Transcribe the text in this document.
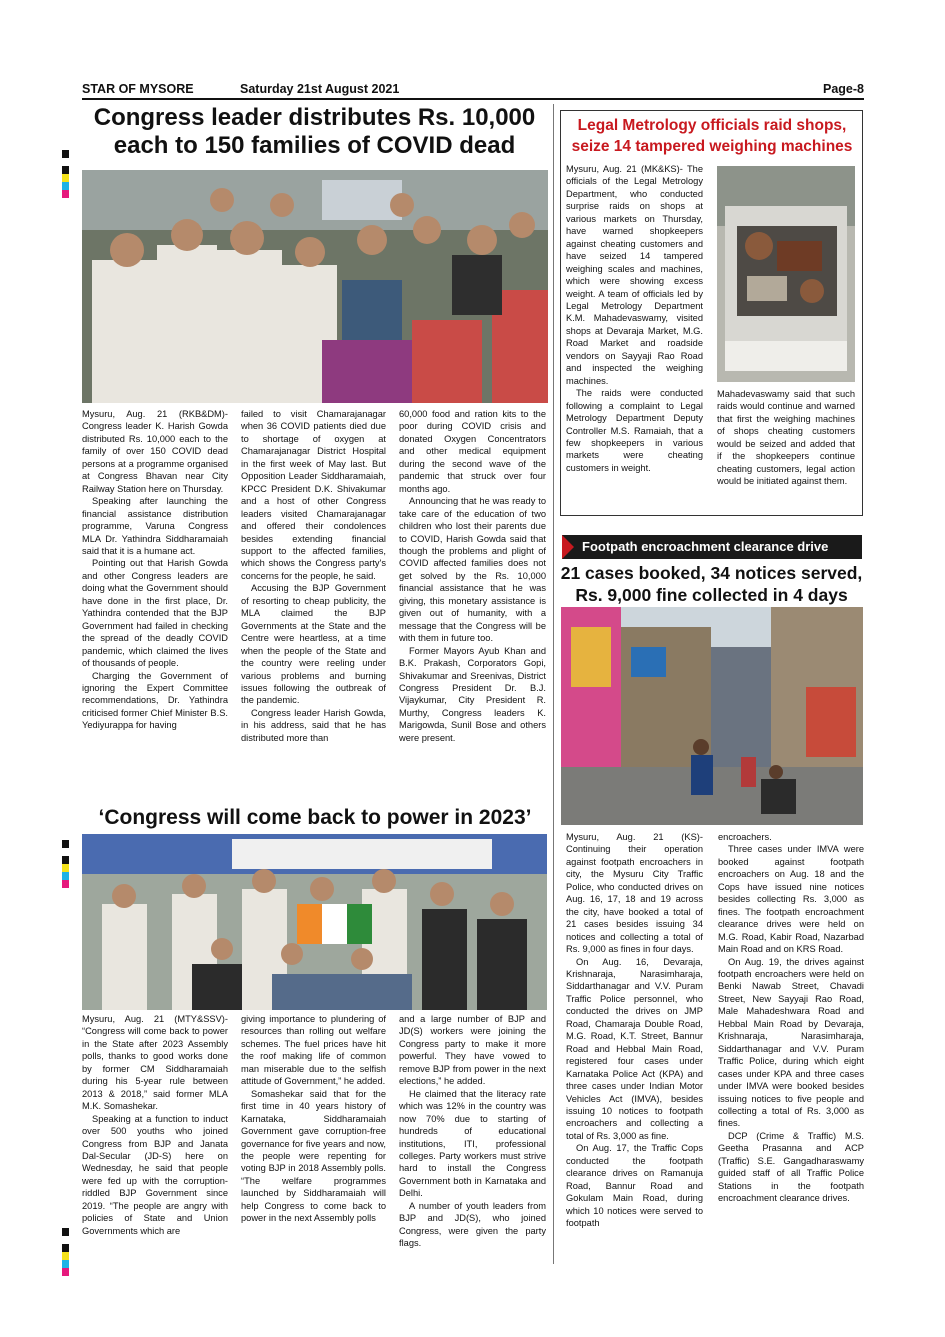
STAR OF MYSORE	Saturday 21st August 2021	Page-8
Congress leader distributes Rs. 10,000
each to 150 families of COVID dead

Mysuru, Aug. 21 (RKB&DM)- Congress leader K. Harish Gowda distributed Rs. 10,000 each to the family of over 150 COVID dead persons at a programme organised at Congress Bhavan near City Railway Station here on Thursday.

Speaking after launching the financial assistance distribution programme, Varuna Congress MLA Dr. Yathindra Siddharamaiah said that it is a humane act.

Pointing out that Harish Gowda and other Congress leaders are doing what the Government should have done in the first place, Dr. Yathindra contended that the BJP Government had failed in checking the spread of the deadly COVID pandemic, which claimed the lives of thousands of people.

Charging the Government of ignoring the Expert Committee recommendations, Dr. Yathindra criticised former Chief Minister B.S. Yediyurappa for having

failed to visit Chamarajanagar when 36 COVID patients died due to shortage of oxygen at Chamarajanagar District Hospital in the first week of May last. But Opposition Leader Siddharamaiah, KPCC President D.K. Shivakumar and a host of other Congress leaders visited Chamarajanagar and offered their condolences besides extending financial support to the affected families, which shows the Congress party's concerns for the people, he said.

Accusing the BJP Government of resorting to cheap publicity, the MLA claimed the BJP Governments at the State and the Centre were heartless, at a time when the people of the State and the country were reeling under various problems and burning issues following the outbreak of the pandemic.

Congress leader Harish Gowda, in his address, said that he has distributed more than

60,000 food and ration kits to the poor during COVID crisis and donated Oxygen Concentrators and other medical equipment during the second wave of the pandemic that struck over four months ago.

Announcing that he was ready to take care of the education of two children who lost their parents due to COVID, Harish Gowda said that though the problems and plight of COVID affected families does not get solved by the Rs. 10,000 financial assistance that he was giving, this monetary assistance is given out of humanity, with a message that the Congress will be with them in future too.

Former Mayors Ayub Khan and B.K. Prakash, Corporators Gopi, Shivakumar and Sreenivas, District Congress President Dr. B.J. Vijaykumar, City President R. Murthy, Congress leaders K. Marigowda, Sunil Bose and others were present.

Legal Metrology officials raid shops,
seize 14 tampered weighing machines

Mysuru, Aug. 21 (MK&KS)- The officials of the Legal Metrology Department, who conducted surprise raids on shops at various markets on Thursday, have warned shopkeepers against cheating customers and have seized 14 tampered weighing scales and machines, which were showing excess weight. A team of officials led by Legal Metrology Department K.M. Mahadevaswamy, visited shops at Devaraja Market, M.G. Road Market and roadside vendors on Sayyaji Rao Road and inspected the weighing machines.

The raids were conducted following a complaint to Legal Metrology Department Deputy Controller M.S. Ramaiah, that a few shopkeepers in various markets were cheating customers in weight.

Mahadevaswamy said that such raids would continue and warned that first the weighing machines of shops cheating customers would be seized and added that if the shopkeepers continue cheating customers, legal action would be initiated against them.

Footpath encroachment clearance drive
21 cases booked, 34 notices served,
Rs. 9,000 fine collected in 4 days

Mysuru, Aug. 21 (KS)- Continuing their operation against footpath encroachers in city, the Mysuru City Traffic Police, who conducted drives on Aug. 16, 17, 18 and 19 across the city, have booked a total of 21 cases besides issuing 34 notices and collecting a total of Rs. 9,000 as fines in four days.

On Aug. 16, Devaraja, Krishnaraja, Narasimharaja, Siddarthanagar and V.V. Puram Traffic Police personnel, who conducted the drives on JMP Road, Chamaraja Double Road, M.G. Road, K.T. Street, Bannur Road and Hebbal Main Road, registered four cases under Karnataka Police Act (KPA) and three cases under Indian Motor Vehicles Act (IMVA), besides issuing 10 notices to footpath encroachers and collecting a total of Rs. 3,000 as fine.

On Aug. 17, the Traffic Cops conducted the footpath clearance drives on Ramanuja Road, Bannur Road and Gokulam Main Road, during which 10 notices were served to footpath

encroachers.

Three cases under IMVA were booked against footpath encroachers on Aug. 18 and the Cops have issued nine notices besides collecting Rs. 3,000 as fines. The footpath encroachment clearance drives were held on M.G. Road, Kabir Road, Nazarbad Main Road and on KRS Road.

On Aug. 19, the drives against footpath encroachers were held on Benki Nawab Street, Chavadi Street, New Sayyaji Rao Road, Male Mahadeshwara Road and Hebbal Main Road by Devaraja, Krishnaraja, Narasimharaja, Siddarthanagar and V.V. Puram Traffic Police, during which eight cases under KPA and three cases under IMVA were booked besides issuing notices to five people and collecting a total of Rs. 3,000 as fines.

DCP (Crime & Traffic) M.S. Geetha Prasanna and ACP (Traffic) S.E. Gangadharaswamy guided staff of all Traffic Police Stations in the footpath encroachment clearance drives.

‘Congress will come back to power in 2023’

Mysuru, Aug. 21 (MTY&SSV)- “Congress will come back to power in the State after 2023 Assembly polls, thanks to good works done by former CM Siddharamaiah during his 5-year rule between 2013 & 2018,” said former MLA M.K. Somashekar.

Speaking at a function to induct over 500 youths who joined Congress from BJP and Janata Dal-Secular (JD-S) here on Wednesday, he said that people were fed up with the corruption-riddled BJP Government since 2019. “The people are angry with policies of State and Union Governments which are

giving importance to plundering of resources than rolling out welfare schemes. The fuel prices have hit the roof making life of common man miserable due to the selfish attitude of Government,” he added.

Somashekar said that for the first time in 40 years history of Karnataka, Siddharamaiah Government gave corruption-free governance for five years and now, the people were repenting for voting BJP in 2018 Assembly polls. “The welfare programmes launched by Siddharamaiah will help Congress to come back to power in the next Assembly polls

and a large number of BJP and JD(S) workers were joining the Congress party to make it more powerful. They have vowed to remove BJP from power in the next elections,” he added.

He claimed that the literacy rate which was 12% in the country was now 70% due to starting of hundreds of educational institutions, ITI, professional colleges. Party workers must strive hard to install the Congress Government both in Karnataka and Delhi.

A number of youth leaders from BJP and JD(S), who joined Congress, were given the party flags.
